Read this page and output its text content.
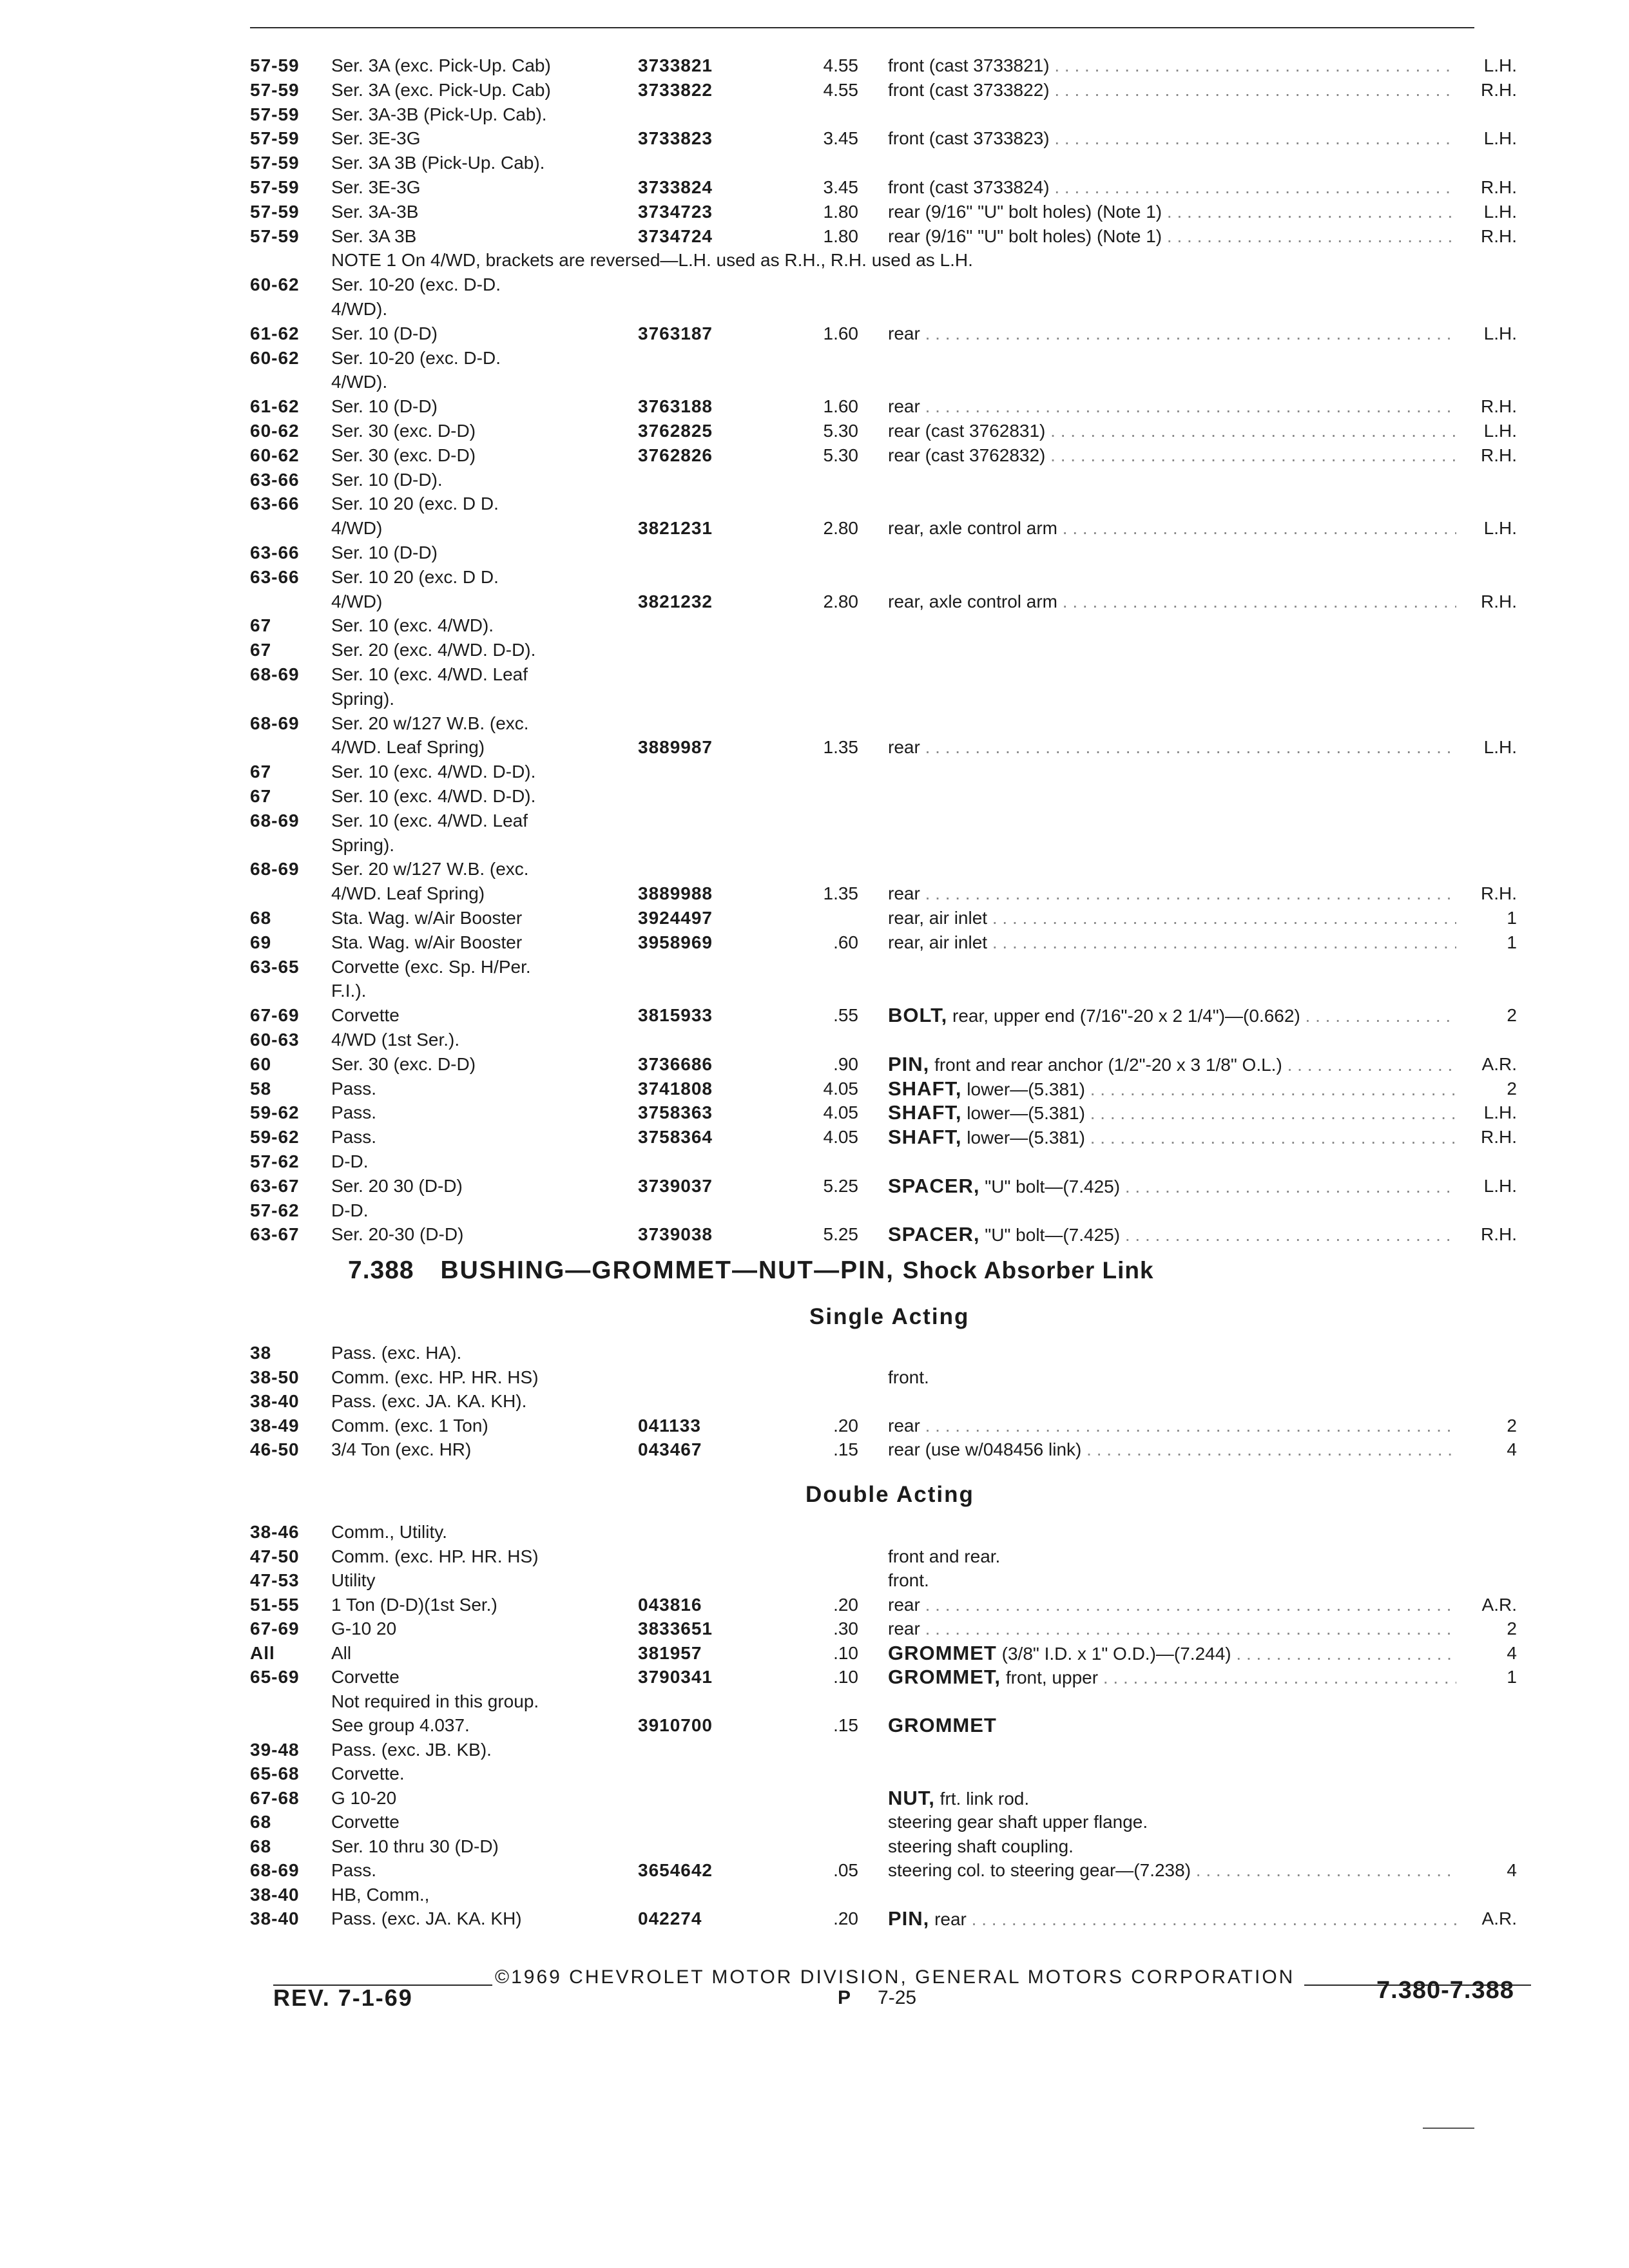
57-59 Ser. 3A (exc. Pick-Up. Cab)	3733821	4.55 front (cast 3733821) . . .	L.H.
57-59 Ser. 3A (exc. Pick-Up. Cab)	3733822	4.55 front (cast 3733822) . . .	R.H.
57-59 Ser. 3A-3B (Pick-Up. Cab).
57-59 Ser. 3E-3G	3733823	3.45 front (cast 3733823) . . .	L.H.
57-59 Ser. 3A 3B (Pick-Up. Cab).
57-59 Ser. 3E-3G	3733824	3.45 front (cast 3733824) . . .	R.H.
57-59 Ser. 3A-3B	3734723	1.80 rear (9/16" "U" bolt holes) (Note 1) . . .	L.H.
57-59 Ser. 3A 3B	3734724	1.80 rear (9/16" "U" bolt holes) (Note 1) . . .	R.H.
NOTE 1 On 4/WD, brackets are reversed—L.H. used as R.H., R.H. used as L.H.
60-62 Ser. 10-20 (exc. D-D.
4/WD).
61-62 Ser. 10 (D-D)	3763187	1.60 rear . . .	L.H.
60-62 Ser. 10-20 (exc. D-D.
4/WD).
61-62 Ser. 10 (D-D)	3763188	1.60 rear . . .	R.H.
60-62 Ser. 30 (exc. D-D)	3762825	5.30 rear (cast 3762831) . . .	L.H.
60-62 Ser. 30 (exc. D-D)	3762826	5.30 rear (cast 3762832) . . .	R.H.
63-66 Ser. 10 (D-D).
63-66 Ser. 10 20 (exc. D D.
4/WD)	3821231	2.80 rear, axle control arm . . .	L.H.
63-66 Ser. 10 (D-D)
63-66 Ser. 10 20 (exc. D D.
4/WD)	3821232	2.80 rear, axle control arm . . .	R.H.
67	Ser. 10 (exc. 4/WD).
67	Ser. 20 (exc. 4/WD. D-D).
68-69 Ser. 10 (exc. 4/WD. Leaf
Spring).
68-69 Ser. 20 w/127 W.B. (exc.
4/WD. Leaf Spring)	3889987	1.35 rear . . .	L.H.
67	Ser. 10 (exc. 4/WD. D-D).
67	Ser. 10 (exc. 4/WD. D-D).
68-69 Ser. 10 (exc. 4/WD. Leaf
Spring).
68-69 Ser. 20 w/127 W.B. (exc.
4/WD. Leaf Spring)	3889988	1.35 rear . . .	R.H.
68	Sta. Wag. w/Air Booster	3924497	rear, air inlet . . .	1
69	Sta. Wag. w/Air Booster	3958969	.60 rear, air inlet . . .	1
63-65 Corvette (exc. Sp. H/Per.
F.I.).
67-69 Corvette	3815933	.55 BOLT, rear, upper end (7/16"-20 x 2 1/4")—(0.662) . . .	2
60-63 4/WD (1st Ser.).
60	Ser. 30 (exc. D-D)	3736686	.90 PIN, front and rear anchor (1/2"-20 x 3 1/8" O.L.) . . .	A.R.
58	Pass.	3741808	4.05 SHAFT, lower—(5.381) . . .	2
59-62 Pass.	3758363	4.05 SHAFT, lower—(5.381) . . .	L.H.
59-62 Pass.	3758364	4.05 SHAFT, lower—(5.381) . . .	R.H.
57-62 D-D.
63-67 Ser. 20 30 (D-D)	3739037	5.25 SPACER, "U" bolt—(7.425) . . .	L.H.
57-62 D-D.
63-67 Ser. 20-30 (D-D)	3739038	5.25 SPACER, "U" bolt—(7.425) . . .	R.H.
7.388 BUSHING—GROMMET—NUT—PIN, Shock Absorber Link
Single Acting
38	Pass. (exc. HA).
38-50 Comm. (exc. HP. HR. HS)	front.
38-40 Pass. (exc. JA. KA. KH).
38-49 Comm. (exc. 1 Ton)	041133	.20 rear . . .	2
46-50 3/4 Ton (exc. HR)	043467	.15 rear (use w/048456 link) . . .	4
Double Acting
38-46 Comm., Utility.
47-50 Comm. (exc. HP. HR. HS)	front and rear.
47-53 Utility	front.
51-55 1 Ton (D-D)(1st Ser.)	043816	.20 rear . . .	A.R.
67-69 G-10 20	3833651	.30 rear . . .	2
All	All	381957	.10 GROMMET (3/8" I.D. x 1" O.D.)—(7.244) . . .	4
65-69 Corvette	3790341	.10 GROMMET, front, upper . . .	1
Not required in this group.
See group 4.037.	3910700	.15 GROMMET
39-48 Pass. (exc. JB. KB).
65-68 Corvette.
67-68 G 10-20	NUT, frt. link rod.
68	Corvette	steering gear shaft upper flange.
68	Ser. 10 thru 30 (D-D)	steering shaft coupling.
68-69 Pass.	3654642	.05 steering col. to steering gear—(7.238) . . .	4
38-40 HB, Comm.,
38-40 Pass. (exc. JA. KA. KH)	042274	.20 PIN, rear . . .	A.R.
©1969 CHEVROLET MOTOR DIVISION, GENERAL MOTORS CORPORATION
REV. 7-1-69	P 7-25	7.380-7.388
